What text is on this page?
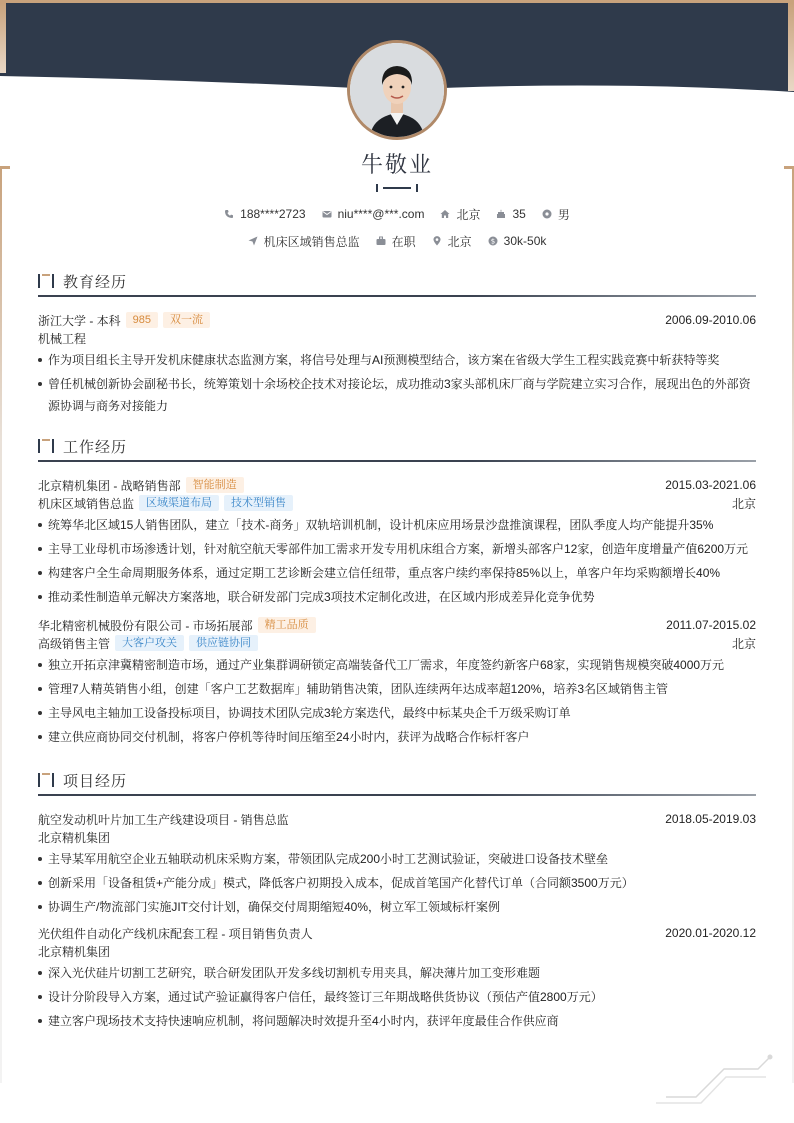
牛敬业
188****2723	niu****@***.com	北京	35	男
机床区域销售总监	在职	北京	$ 30k-50k
教育经历
浙江大学 - 本科	985	双一流	2006.09-2010.06
机械工程
作为项目组长主导开发机床健康状态监测方案，将信号处理与AI预测模型结合，该方案在省级大学生工程实践竞赛中斩获特等奖
曾任机械创新协会副秘书长，统筹策划十余场校企技术对接论坛，成功推动3家头部机床厂商与学院建立实习合作，展现出色的外部资源协调与商务对接能力
工作经历
北京精机集团 - 战略销售部	智能制造	2015.03-2021.06
机床区域销售总监	区域渠道布局	技术型销售	北京
统筹华北区域15人销售团队，建立「技术-商务」双轨培训机制，设计机床应用场景沙盘推演课程，团队季度人均产能提升35%
主导工业母机市场渗透计划，针对航空航天零部件加工需求开发专用机床组合方案，新增头部客户12家，创造年度增量产值6200万元
构建客户全生命周期服务体系，通过定期工艺诊断会建立信任纽带，重点客户续约率保持85%以上，单客户年均采购额增长40%
推动柔性制造单元解决方案落地，联合研发部门完成3项技术定制化改进，在区域内形成差异化竞争优势
华北精密机械股份有限公司 - 市场拓展部	精工品质	2011.07-2015.02
高级销售主管	大客户攻关	供应链协同	北京
独立开拓京津冀精密制造市场，通过产业集群调研锁定高端装备代工厂需求，年度签约新客户68家，实现销售规模突破4000万元
管理7人精英销售小组，创建「客户工艺数据库」辅助销售决策，团队连续两年达成率超120%，培养3名区域销售主管
主导风电主轴加工设备投标项目，协调技术团队完成3轮方案迭代，最终中标某央企千万级采购订单
建立供应商协同交付机制，将客户停机等待时间压缩至24小时内，获评为战略合作标杆客户
项目经历
航空发动机叶片加工生产线建设项目 - 销售总监	2018.05-2019.03
北京精机集团
主导某军用航空企业五轴联动机床采购方案，带领团队完成200小时工艺测试验证，突破进口设备技术壁垒
创新采用「设备租赁+产能分成」模式，降低客户初期投入成本，促成首笔国产化替代订单（合同额3500万元）
协调生产/物流部门实施JIT交付计划，确保交付周期缩短40%，树立军工领域标杆案例
光伏组件自动化产线机床配套工程 - 项目销售负责人	2020.01-2020.12
北京精机集团
深入光伏硅片切割工艺研究，联合研发团队开发多线切割机专用夹具，解决薄片加工变形难题
设计分阶段导入方案，通过试产验证赢得客户信任，最终签订三年期战略供货协议（预估产值2800万元）
建立客户现场技术支持快速响应机制，将问题解决时效提升至4小时内，获评年度最佳合作供应商
